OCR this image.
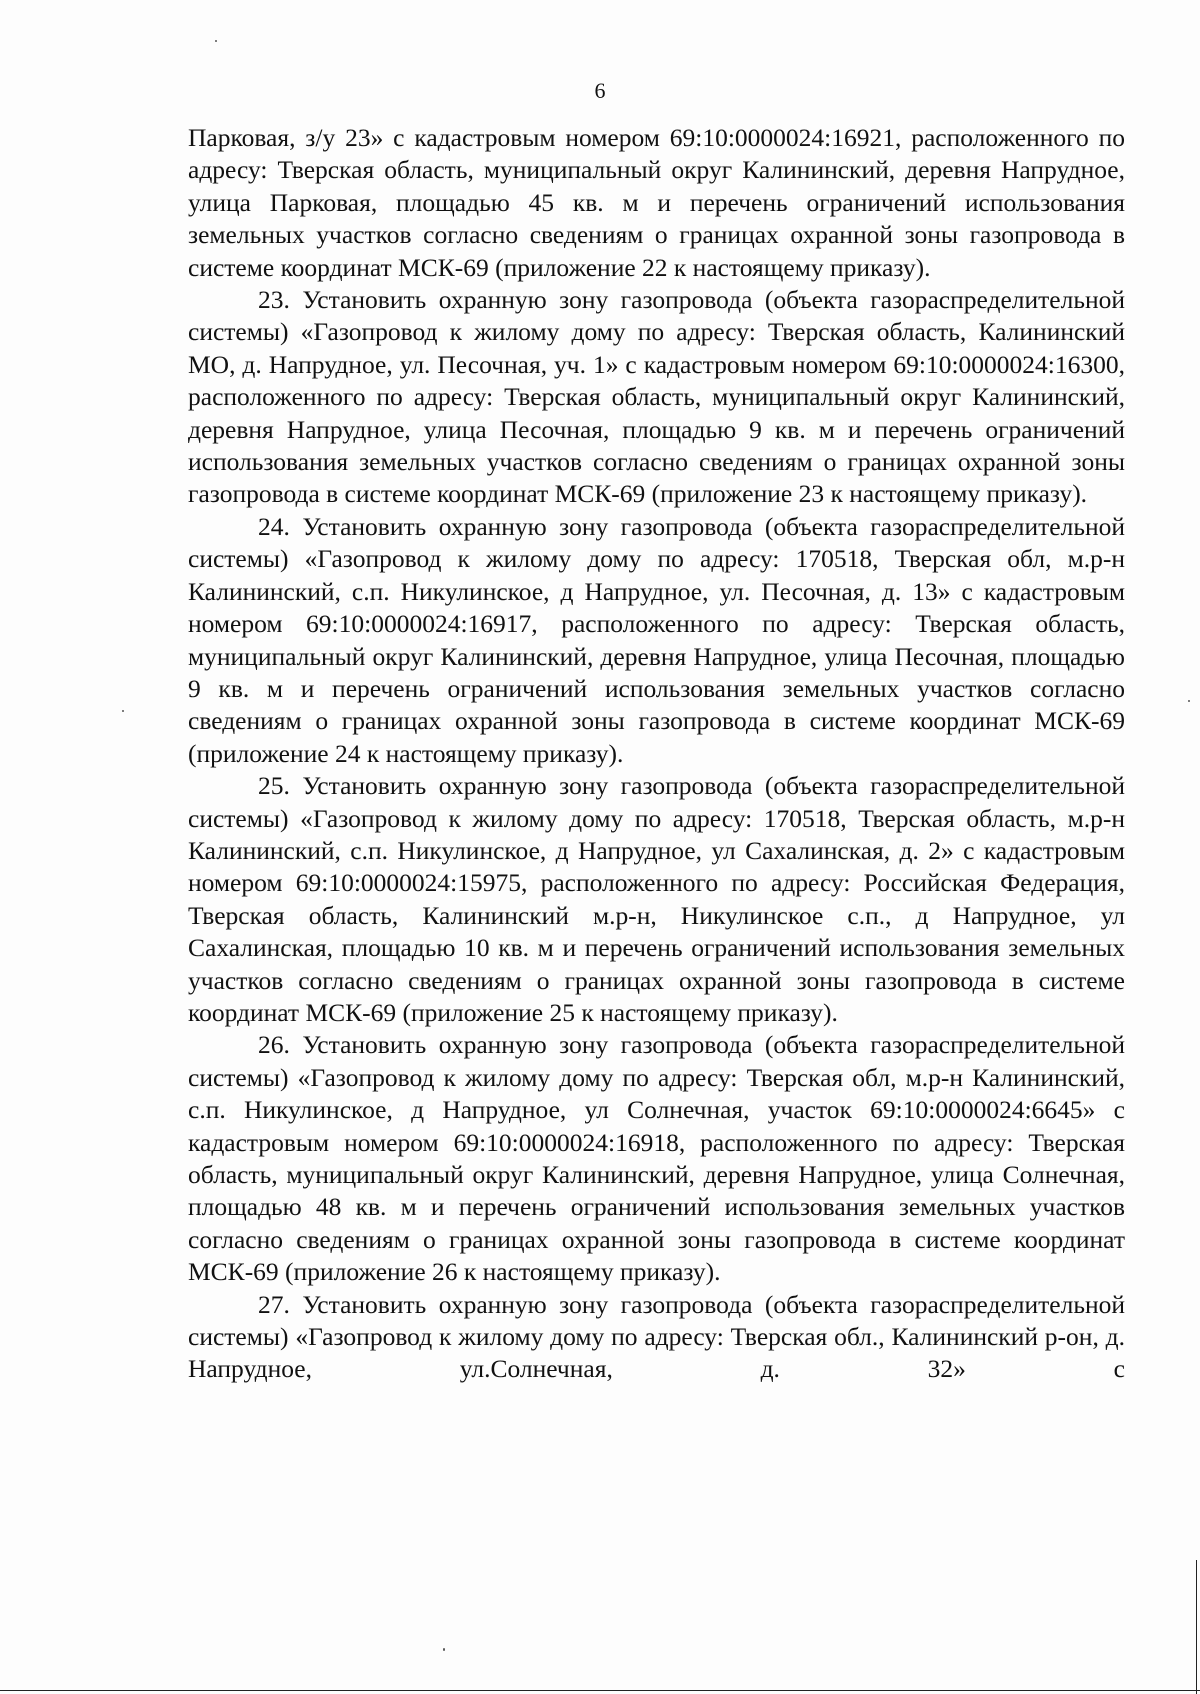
6

Парковая, з/у 23» с кадастровым номером 69:10:0000024:16921, расположенного по адресу: Тверская область, муниципальный округ Калининский, деревня Напрудное, улица Парковая, площадью 45 кв. м и перечень ограничений использования земельных участков согласно сведениям о границах охранной зоны газопровода в системе координат МСК-69 (приложение 22 к настоящему приказу).

23. Установить охранную зону газопровода (объекта газораспределительной системы) «Газопровод к жилому дому по адресу: Тверская область, Калининский МО, д. Напрудное, ул. Песочная, уч. 1» с кадастровым номером 69:10:0000024:16300, расположенного по адресу: Тверская область, муниципальный округ Калининский, деревня Напрудное, улица Песочная, площадью 9 кв. м и перечень ограничений использования земельных участков согласно сведениям о границах охранной зоны газопровода в системе координат МСК-69 (приложение 23 к настоящему приказу).

24. Установить охранную зону газопровода (объекта газораспределительной системы) «Газопровод к жилому дому по адресу: 170518, Тверская обл, м.р-н Калининский, с.п. Никулинское, д Напрудное, ул. Песочная, д. 13» с кадастровым номером 69:10:0000024:16917, расположенного по адресу: Тверская область, муниципальный округ Калининский, деревня Напрудное, улица Песочная, площадью 9 кв. м и перечень ограничений использования земельных участков согласно сведениям о границах охранной зоны газопровода в системе координат МСК-69 (приложение 24 к настоящему приказу).

25. Установить охранную зону газопровода (объекта газораспределительной системы) «Газопровод к жилому дому по адресу: 170518, Тверская область, м.р-н Калининский, с.п. Никулинское, д Напрудное, ул Сахалинская, д. 2» с кадастровым номером 69:10:0000024:15975, расположенного по адресу: Российская Федерация, Тверская область, Калининский м.р-н, Никулинское с.п., д Напрудное, ул Сахалинская, площадью 10 кв. м и перечень ограничений использования земельных участков согласно сведениям о границах охранной зоны газопровода в системе координат МСК-69 (приложение 25 к настоящему приказу).

26. Установить охранную зону газопровода (объекта газораспределительной системы) «Газопровод к жилому дому по адресу: Тверская обл, м.р-н Калининский, с.п. Никулинское, д Напрудное, ул Солнечная, участок 69:10:0000024:6645» с кадастровым номером 69:10:0000024:16918, расположенного по адресу: Тверская область, муниципальный округ Калининский, деревня Напрудное, улица Солнечная, площадью 48 кв. м и перечень ограничений использования земельных участков согласно сведениям о границах охранной зоны газопровода в системе координат МСК-69 (приложение 26 к настоящему приказу).

27. Установить охранную зону газопровода (объекта газораспределительной системы) «Газопровод к жилому дому по адресу: Тверская обл., Калининский р-он, д. Напрудное, ул.Солнечная, д. 32» с
